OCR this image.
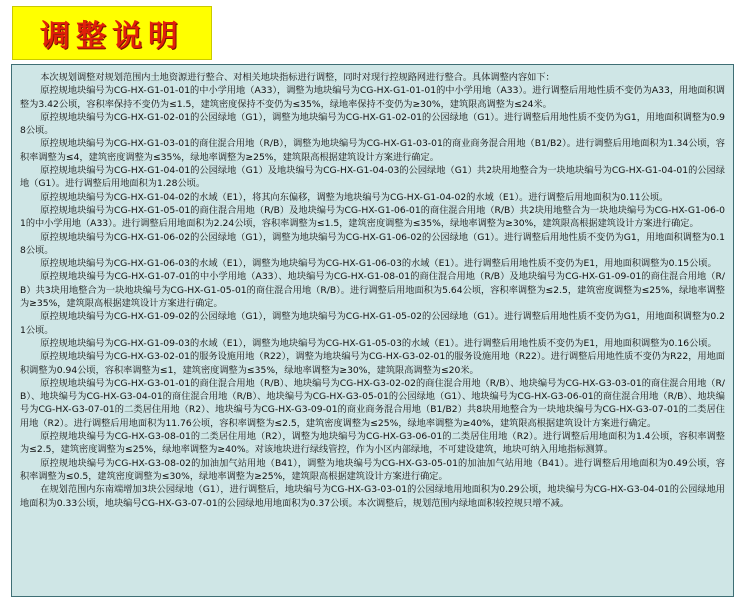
调整说明

本次规划调整对规划范围内土地资源进行整合、对相关地块指标进行调整，同时对现行控规路网进行整合。具体调整内容如下：

原控规地块编号为CG-HX-G1-01-01的中小学用地（A33），调整为地块编号为CG-HX-G1-01-01的中小学用地（A33）。进行调整后用地性质不变仍为A33，用地面积调整为3.42公顷，容积率保持不变仍为≤1.5，建筑密度保持不变仍为≤35%，绿地率保持不变仍为≥30%，建筑限高调整为≤24米。

原控规地块编号为CG-HX-G1-02-01的公园绿地（G1），调整为地块编号为CG-HX-G1-02-01的公园绿地（G1）。进行调整后用地性质不变仍为G1，用地面积调整为0.98公顷。

原控规地块编号为CG-HX-G1-03-01的商住混合用地（R/B），调整为地块编号为CG-HX-G1-03-01的商业商务混合用地（B1/B2）。进行调整后用地面积为1.34公顷，容积率调整为≤4，建筑密度调整为≤35%，绿地率调整为≥25%，建筑限高根据建筑设计方案进行确定。

原控规地块编号为CG-HX-G1-04-01的公园绿地（G1）及地块编号为CG-HX-G1-04-03的公园绿地（G1）共2块用地整合为一块地块编号为CG-HX-G1-04-01的公园绿地（G1）。进行调整后用地面积为1.28公顷。

原控规地块编号为CG-HX-G1-04-02的水域（E1），将其向东偏移，调整为地块编号为CG-HX-G1-04-02的水域（E1）。进行调整后用地面积为0.11公顷。

原控规地块编号为CG-HX-G1-05-01的商住混合用地（R/B）及地块编号为CG-HX-G1-06-01的商住混合用地（R/B）共2块用地整合为一块地块编号为CG-HX-G1-06-01的中小学用地（A33）。进行调整后用地面积为2.24公顷，容积率调整为≤1.5，建筑密度调整为≤35%，绿地率调整为≥30%，建筑限高根据建筑设计方案进行确定。

原控规地块编号为CG-HX-G1-06-02的公园绿地（G1），调整为地块编号为CG-HX-G1-06-02的公园绿地（G1）。进行调整后用地性质不变仍为G1，用地面积调整为0.18公顷。

原控规地块编号为CG-HX-G1-06-03的水域（E1），调整为地块编号为CG-HX-G1-06-03的水域（E1）。进行调整后用地性质不变仍为E1，用地面积调整为0.15公顷。

原控规地块编号为CG-HX-G1-07-01的中小学用地（A33）、地块编号为CG-HX-G1-08-01的商住混合用地（R/B）及地块编号为CG-HX-G1-09-01的商住混合用地（R/B）共3块用地整合为一块地块编号为CG-HX-G1-05-01的商住混合用地（R/B）。进行调整后用地面积为5.64公顷，容积率调整为≤2.5，建筑密度调整为≤25%，绿地率调整为≥35%，建筑限高根据建筑设计方案进行确定。

原控规地块编号为CG-HX-G1-09-02的公园绿地（G1），调整为地块编号为CG-HX-G1-05-02的公园绿地（G1）。进行调整后用地性质不变仍为G1，用地面积调整为0.21公顷。

原控规地块编号为CG-HX-G1-09-03的水域（E1），调整为地块编号为CG-HX-G1-05-03的水域（E1）。进行调整后用地性质不变仍为E1，用地面积调整为0.16公顷。

原控规地块编号为CG-HX-G3-02-01的服务设施用地（R22），调整为地块编号为CG-HX-G3-02-01的服务设施用地（R22）。进行调整后用地性质不变仍为R22，用地面积调整为0.94公顷，容积率调整为≤1，建筑密度调整为≤35%，绿地率调整为≥30%，建筑限高调整为≤20米。

原控规地块编号为CG-HX-G3-01-01的商住混合用地（R/B）、地块编号为CG-HX-G3-02-02的商住混合用地（R/B）、地块编号为CG-HX-G3-03-01的商住混合用地（R/B）、地块编号为CG-HX-G3-04-01的商住混合用地（R/B）、地块编号为CG-HX-G3-05-01的公园绿地（G1）、地块编号为CG-HX-G3-06-01的商住混合用地（R/B）、地块编号为CG-HX-G3-07-01的二类居住用地（R2）、地块编号为CG-HX-G3-09-01的商业商务混合用地（B1/B2）共8块用地整合为一块地块编号为CG-HX-G3-07-01的二类居住用地（R2）。进行调整后用地面积为11.76公顷，容积率调整为≤2.5，建筑密度调整为≤25%，绿地率调整为≥40%，建筑限高根据建筑设计方案进行确定。

原控规地块编号为CG-HX-G3-08-01的二类居住用地（R2），调整为地块编号为CG-HX-G3-06-01的二类居住用地（R2）。进行调整后用地面积为1.4公顷，容积率调整为≤2.5，建筑密度调整为≤25%，绿地率调整为≥40%。对该地块进行绿线管控，作为小区内部绿地，不可建设建筑，地块可纳入用地指标测算。

原控规地块编号为CG-HX-G3-08-02的加油加气站用地（B41），调整为地块编号为CG-HX-G3-05-01的加油加气站用地（B41）。进行调整后用地面积为0.49公顷，容积率调整为≤0.5，建筑密度调整为≤30%，绿地率调整为≥25%，建筑限高根据建筑设计方案进行确定。

在规划范围内东南端增加3块公园绿地（G1），进行调整后，地块编号为CG-HX-G3-03-01的公园绿地用地面积为0.29公顷，地块编号为CG-HX-G3-04-01的公园绿地用地面积为0.33公顷，地块编号CG-HX-G3-07-01的公园绿地用地面积为0.37公顷。本次调整后，规划范围内绿地面积较控规只增不减。
